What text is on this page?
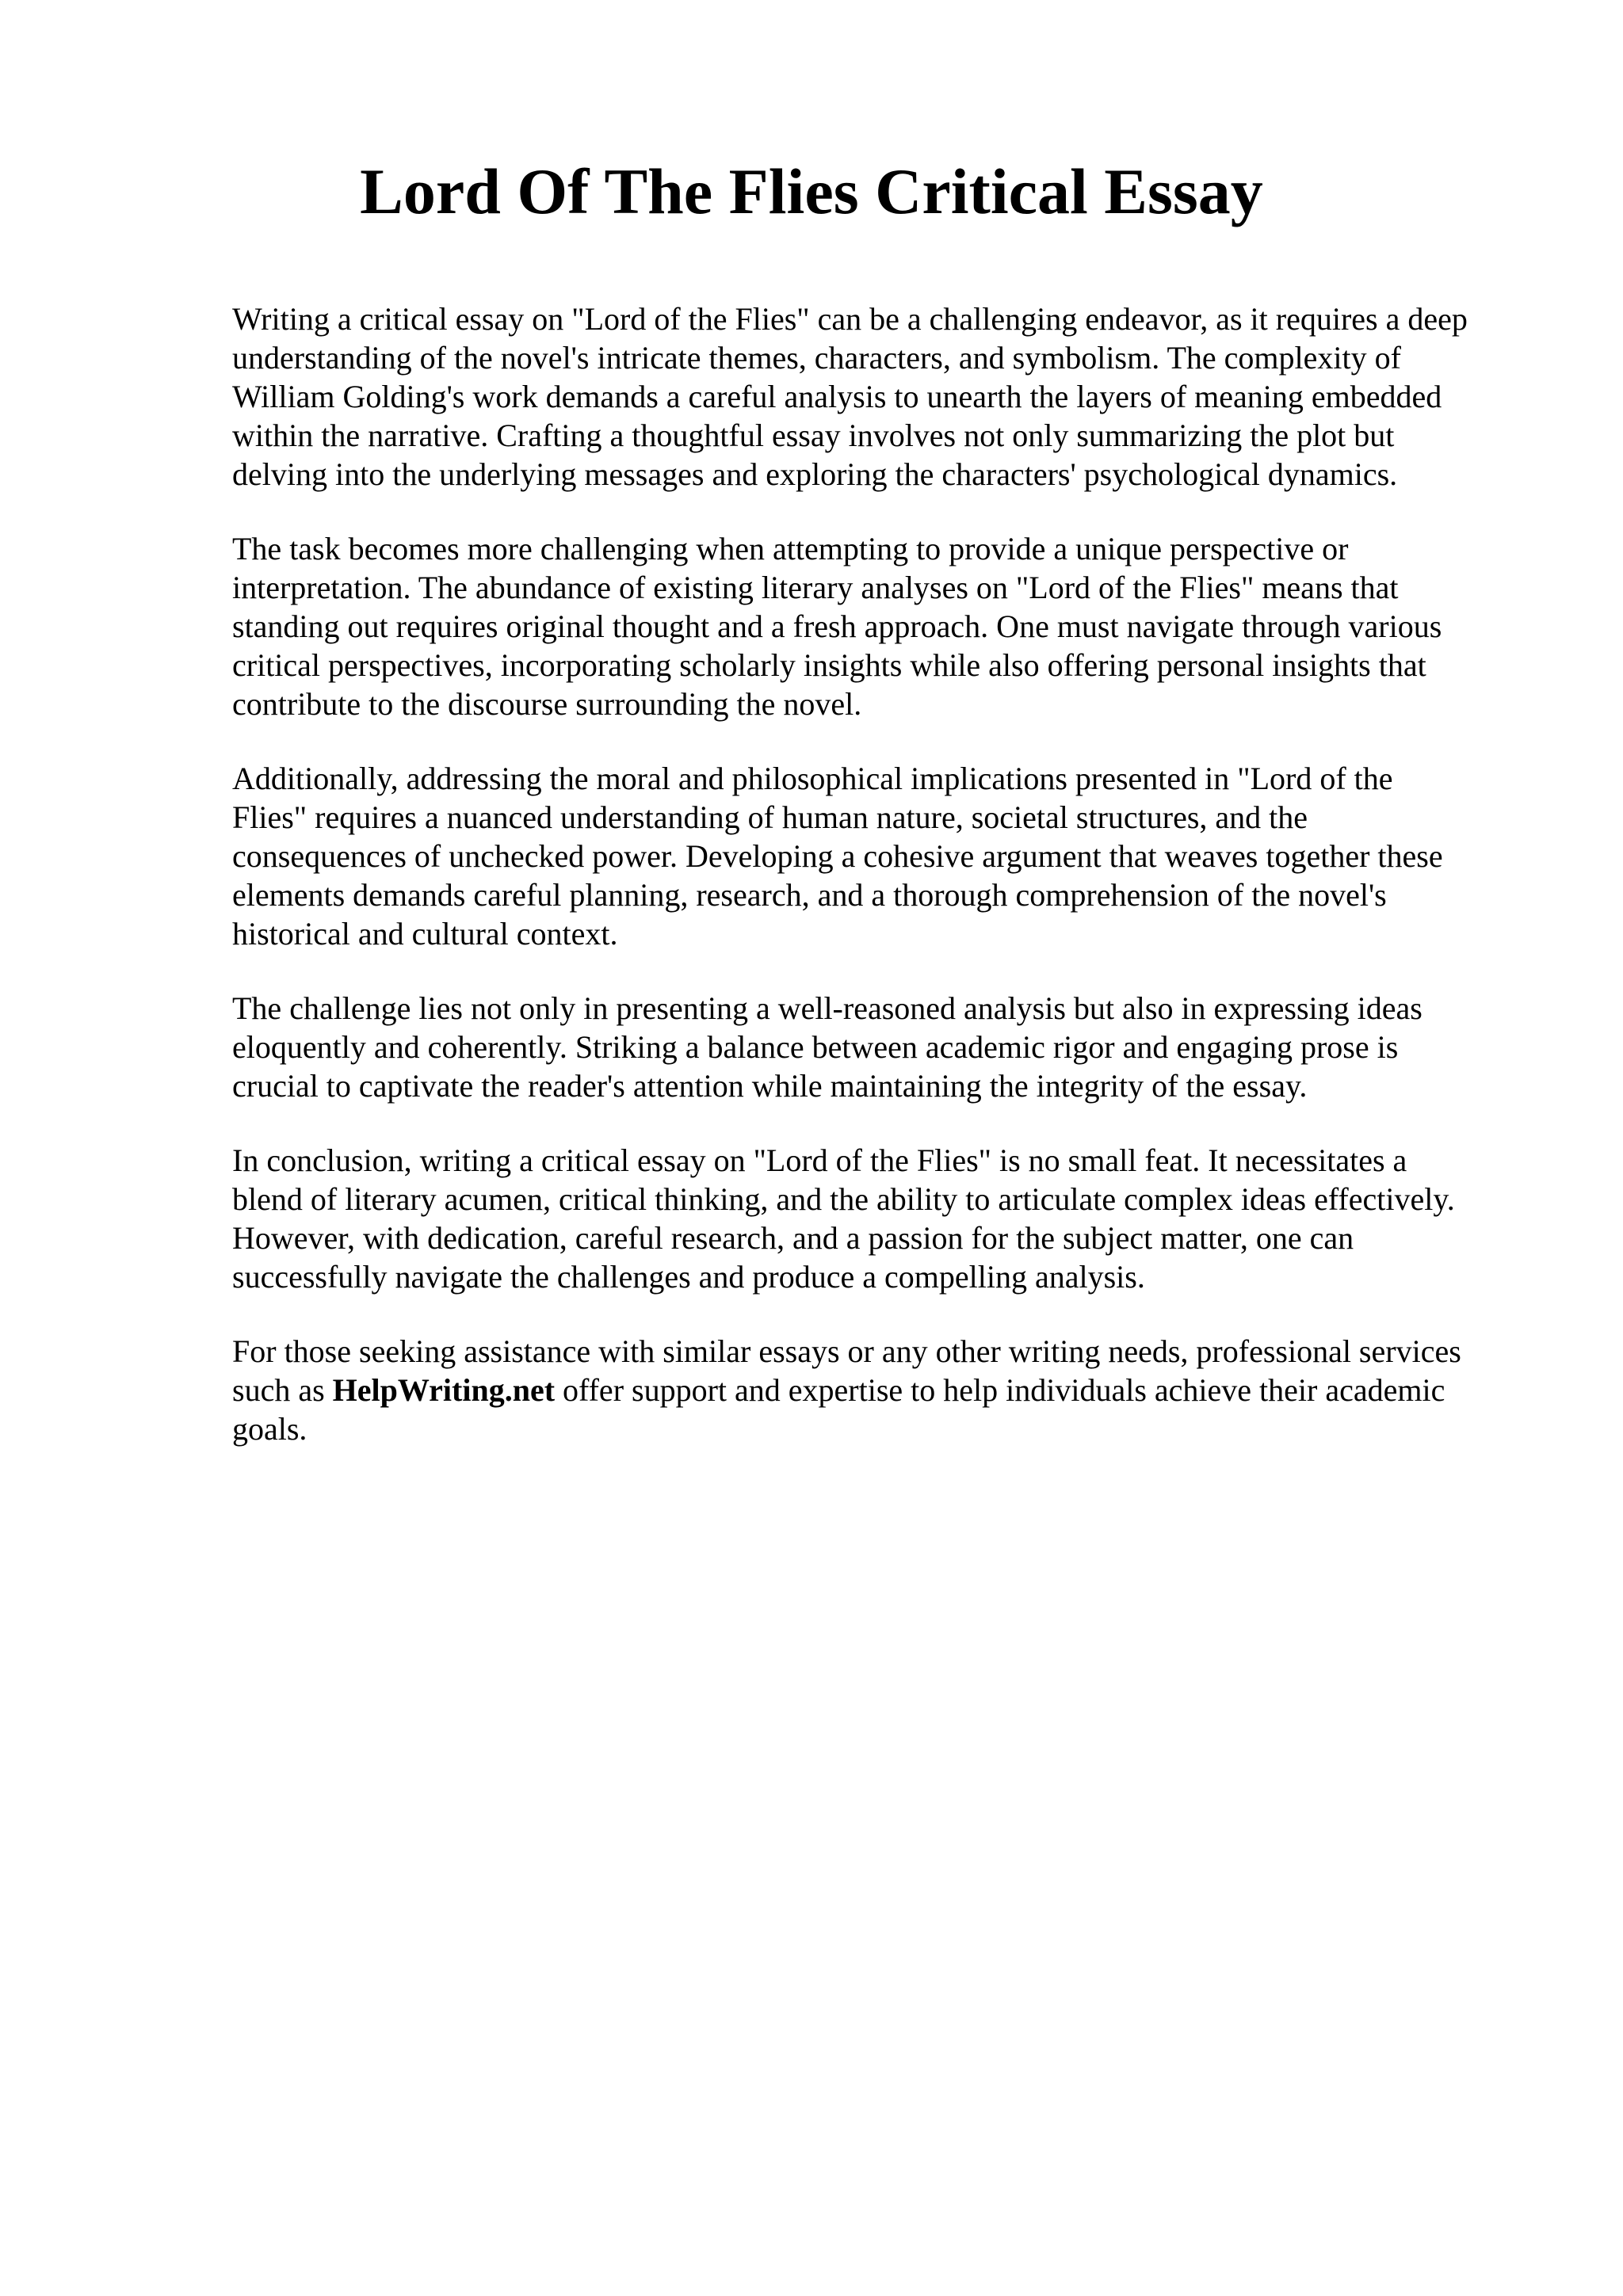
Lord Of The Flies Critical Essay

Writing a critical essay on "Lord of the Flies" can be a challenging endeavor, as it requires a deep
understanding of the novel's intricate themes, characters, and symbolism. The complexity of
William Golding's work demands a careful analysis to unearth the layers of meaning embedded
within the narrative. Crafting a thoughtful essay involves not only summarizing the plot but
delving into the underlying messages and exploring the characters' psychological dynamics.

The task becomes more challenging when attempting to provide a unique perspective or
interpretation. The abundance of existing literary analyses on "Lord of the Flies" means that
standing out requires original thought and a fresh approach. One must navigate through various
critical perspectives, incorporating scholarly insights while also offering personal insights that
contribute to the discourse surrounding the novel.

Additionally, addressing the moral and philosophical implications presented in "Lord of the
Flies" requires a nuanced understanding of human nature, societal structures, and the
consequences of unchecked power. Developing a cohesive argument that weaves together these
elements demands careful planning, research, and a thorough comprehension of the novel's
historical and cultural context.

The challenge lies not only in presenting a well-reasoned analysis but also in expressing ideas
eloquently and coherently. Striking a balance between academic rigor and engaging prose is
crucial to captivate the reader's attention while maintaining the integrity of the essay.

In conclusion, writing a critical essay on "Lord of the Flies" is no small feat. It necessitates a
blend of literary acumen, critical thinking, and the ability to articulate complex ideas effectively.
However, with dedication, careful research, and a passion for the subject matter, one can
successfully navigate the challenges and produce a compelling analysis.

For those seeking assistance with similar essays or any other writing needs, professional services
such as HelpWriting.net offer support and expertise to help individuals achieve their academic
goals.
